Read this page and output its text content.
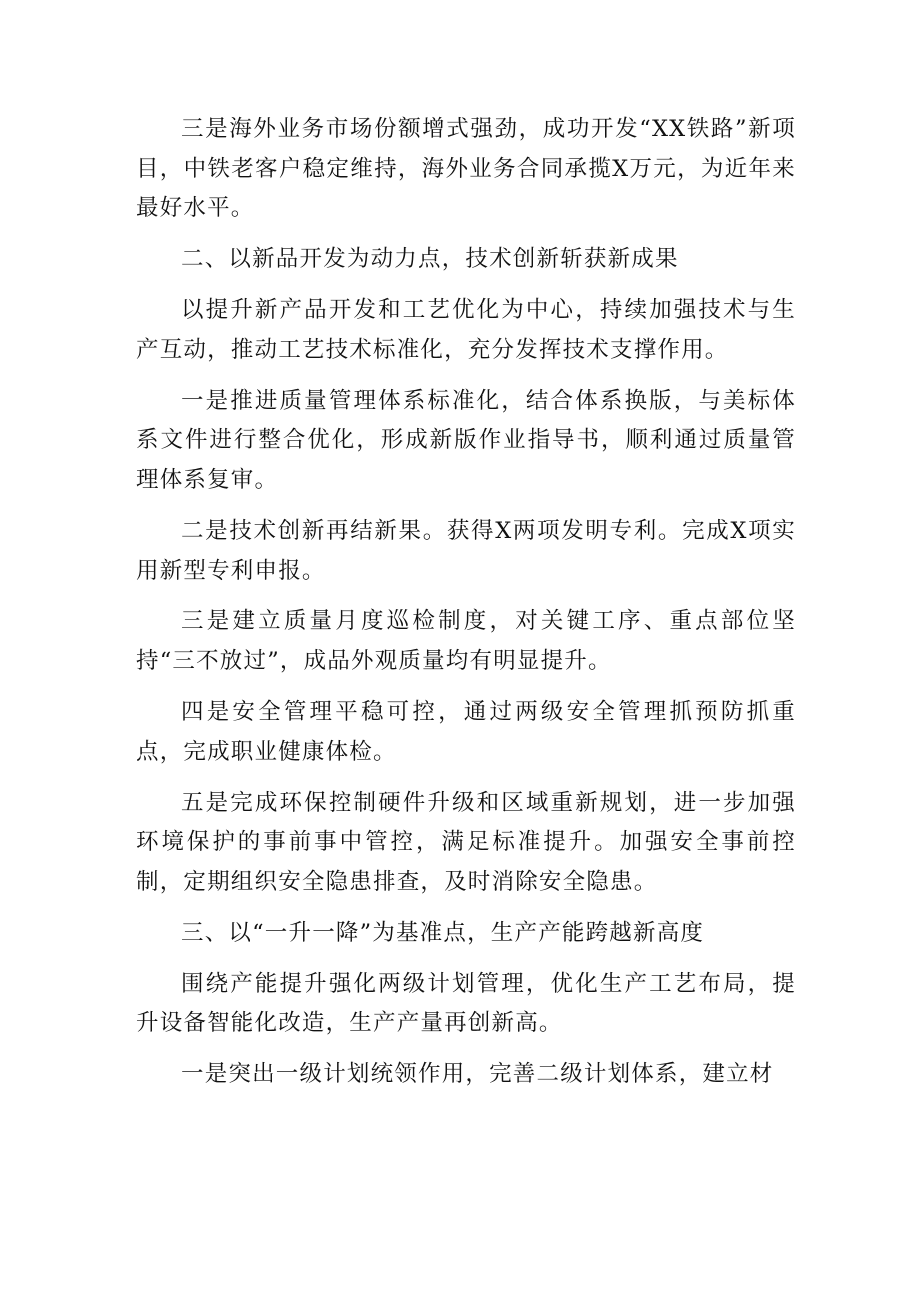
三是海外业务市场份额增式强劲，成功开发“XX铁路”新项目，中铁老客户稳定维持，海外业务合同承揽X万元，为近年来最好水平。

二、以新品开发为动力点，技术创新斩获新成果

以提升新产品开发和工艺优化为中心，持续加强技术与生产互动，推动工艺技术标准化，充分发挥技术支撑作用。

一是推进质量管理体系标准化，结合体系换版，与美标体系文件进行整合优化，形成新版作业指导书，顺利通过质量管理体系复审。

二是技术创新再结新果。获得X两项发明专利。完成X项实用新型专利申报。

三是建立质量月度巡检制度，对关键工序、重点部位坚持“三不放过”，成品外观质量均有明显提升。

四是安全管理平稳可控，通过两级安全管理抓预防抓重点，完成职业健康体检。

五是完成环保控制硬件升级和区域重新规划，进一步加强环境保护的事前事中管控，满足标准提升。加强安全事前控制，定期组织安全隐患排查，及时消除安全隐患。

三、以“一升一降”为基准点，生产产能跨越新高度

围绕产能提升强化两级计划管理，优化生产工艺布局，提升设备智能化改造，生产产量再创新高。

一是突出一级计划统领作用，完善二级计划体系，建立材
